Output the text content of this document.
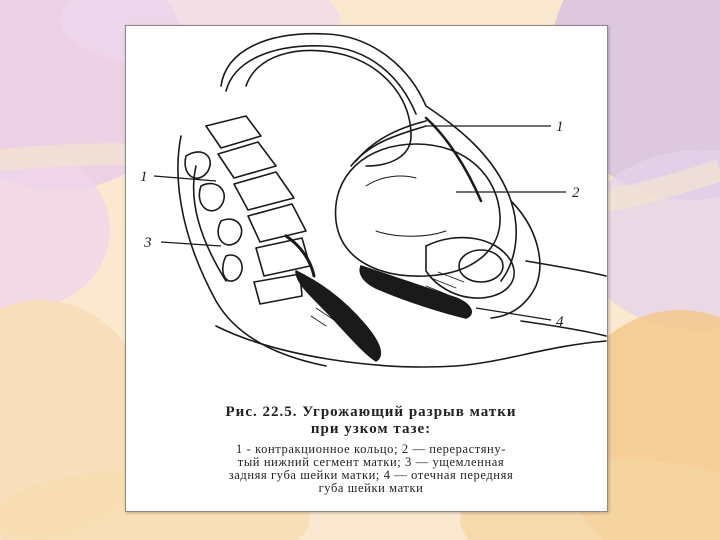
1
2
4
1
3
Рис. 22.5. Угрожающий разрыв матки
при узком тазе:
1 - контракционное кольцо; 2 — перерастяну-
тый нижний сегмент матки; 3 — ущемленная
задняя губа шейки матки; 4 — отечная передняя
губа шейки матки
